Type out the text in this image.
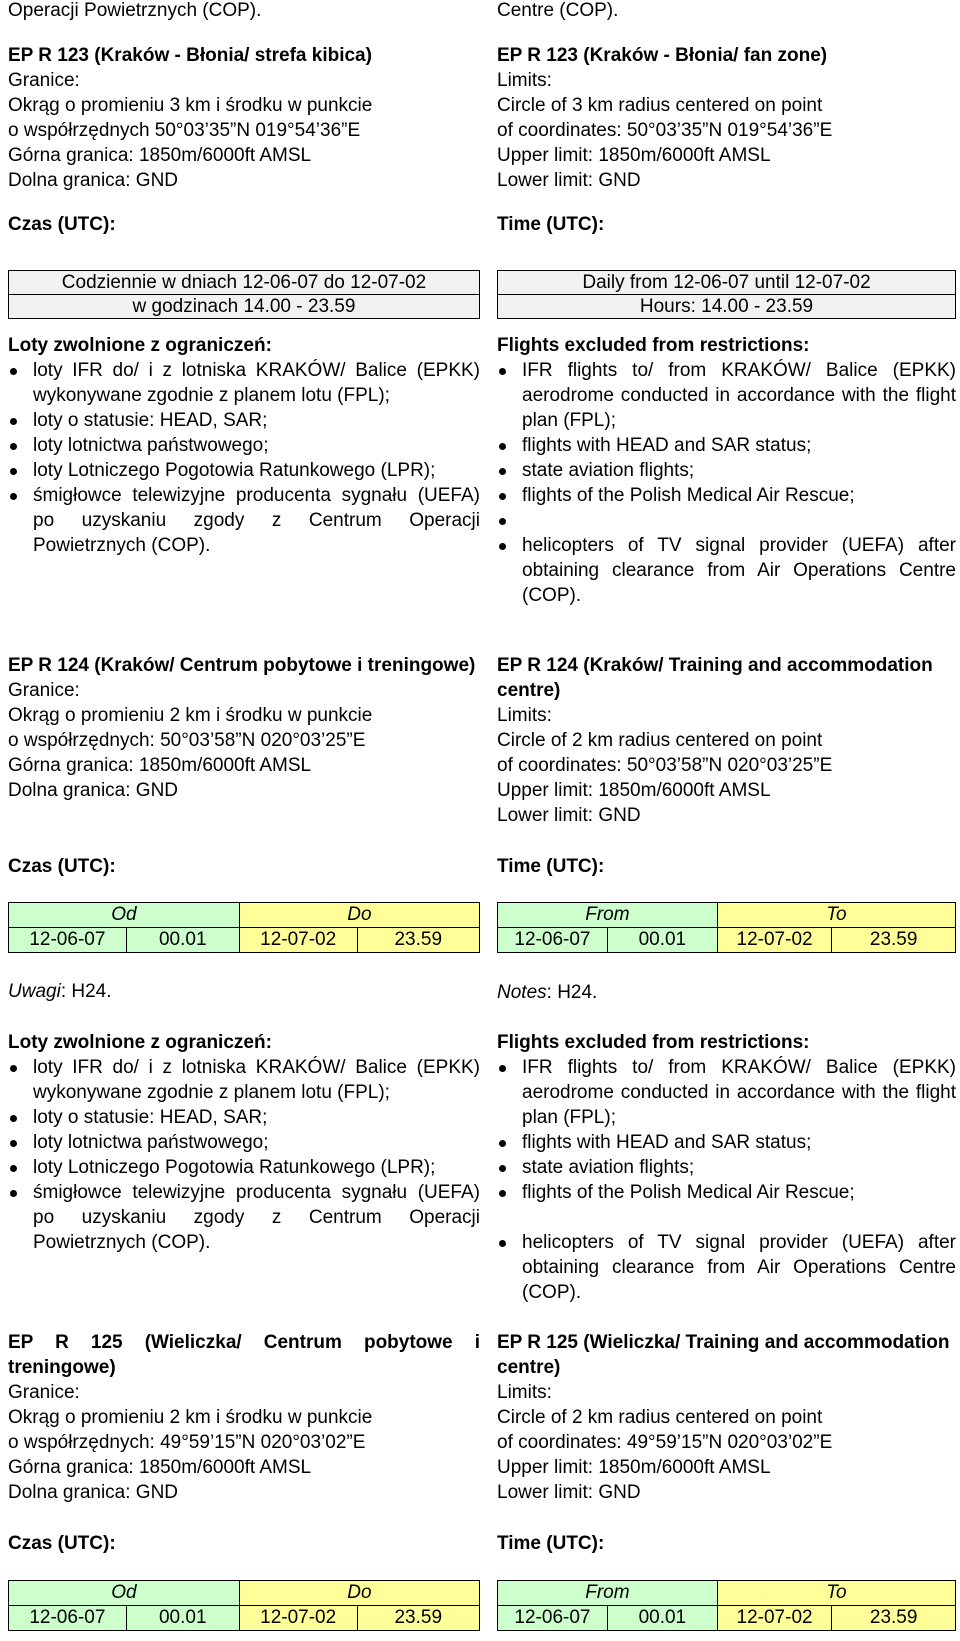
Operacji Powietrznych (COP).
EP R 123 (Kraków - Błonia/ strefa kibica)
Granice:
Okrąg o promieniu 3 km i środku w punkcie
o współrzędnych 50°03’35”N 019°54’36”E
Górna granica: 1850m/6000ft AMSL
Dolna granica: GND
Czas (UTC):
Codziennie w dniach 12-06-07 do 12-07-02
w godzinach 14.00 - 23.59
Loty zwolnione z ograniczeń:
loty IFR do/ i z lotniska KRAKÓW/ Balice (EPKK) wykonywane zgodnie z planem lotu (FPL);
loty o statusie: HEAD, SAR;
loty lotnictwa państwowego;
loty Lotniczego Pogotowia Ratunkowego (LPR);
śmigłowce telewizyjne producenta sygnału (UEFA) po uzyskaniu zgody z Centrum Operacji Powietrznych (COP).
EP R 124 (Kraków/ Centrum pobytowe i treningowe)
Granice:
Okrąg o promieniu 2 km i środku w punkcie
o współrzędnych: 50°03’58”N 020°03’25”E
Górna granica: 1850m/6000ft AMSL
Dolna granica: GND
Czas (UTC):
Od		Do	
12-06-07	00.01	12-07-02	23.59
Uwagi: H24.
Loty zwolnione z ograniczeń:
loty IFR do/ i z lotniska KRAKÓW/ Balice (EPKK) wykonywane zgodnie z planem lotu (FPL);
loty o statusie: HEAD, SAR;
loty lotnictwa państwowego;
loty Lotniczego Pogotowia Ratunkowego (LPR);
śmigłowce telewizyjne producenta sygnału (UEFA) po uzyskaniu zgody z Centrum Operacji Powietrznych (COP).
EP R 125 (Wieliczka/ Centrum pobytowe i treningowe)
Granice:
Okrąg o promieniu 2 km i środku w punkcie
o współrzędnych: 49°59’15”N 020°03’02”E
Górna granica: 1850m/6000ft AMSL
Dolna granica: GND
Czas (UTC):
Od		Do	
12-06-07	00.01	12-07-02	23.59
Centre (COP).
EP R 123 (Kraków - Błonia/ fan zone)
Limits:
Circle of 3 km radius centered on point
of coordinates: 50°03’35”N 019°54’36”E
Upper limit: 1850m/6000ft AMSL
Lower limit: GND
Time (UTC):
Daily from 12-06-07 until 12-07-02
Hours: 14.00 - 23.59
Flights excluded from restrictions:
IFR flights to/ from KRAKÓW/ Balice (EPKK) aerodrome conducted in accordance with the flight plan (FPL);
flights with HEAD and SAR status;
state aviation flights;
flights of the Polish Medical Air Rescue;
helicopters of TV signal provider (UEFA) after obtaining clearance from Air Operations Centre (COP).
EP R 124 (Kraków/ Training and accommodation centre)
Limits:
Circle of 2 km radius centered on point
of coordinates: 50°03’58”N 020°03’25”E
Upper limit: 1850m/6000ft AMSL
Lower limit: GND
Time (UTC):
From		To	
12-06-07	00.01	12-07-02	23.59
Notes: H24.
Flights excluded from restrictions:
IFR flights to/ from KRAKÓW/ Balice (EPKK) aerodrome conducted in accordance with the flight plan (FPL);
flights with HEAD and SAR status;
state aviation flights;
flights of the Polish Medical Air Rescue;
helicopters of TV signal provider (UEFA) after obtaining clearance from Air Operations Centre (COP).
EP R 125 (Wieliczka/ Training and accommodation centre)
Limits:
Circle of 2 km radius centered on point
of coordinates: 49°59’15”N 020°03’02”E
Upper limit: 1850m/6000ft AMSL
Lower limit: GND
Time (UTC):
From		To	
12-06-07	00.01	12-07-02	23.59
